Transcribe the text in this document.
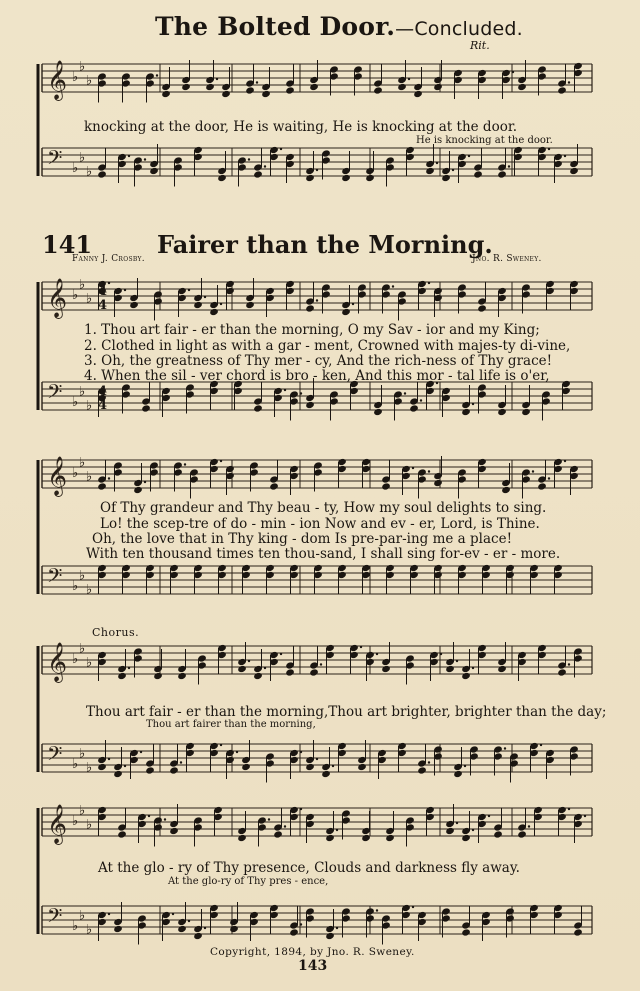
The Bolted Door.—Concluded.
Rit.
𝄞 ♭
♭
♭
𝄢 ♭
♭
♭
𝄞 ♭
♭
♭
𝄢 ♭
♭
♭
𝄞 ♭
♭
♭
𝄢 ♭
♭
♭
𝄞 ♭
♭
♭
𝄢 ♭
♭
♭
𝄞 ♭
♭
♭
𝄢 ♭
♭
♭
4
4
4
4
knocking at the door, He is waiting, He is knocking at the door.
He is knocking at the door.
141	Fairer than the Morning.
Fanny J. Crosby.	Jno. R. Sweney.
1. Thou art fair - er than the morning, O my Sav - ior and my King;
2. Clothed in light as with a gar - ment, Crowned with majes-ty di-vine,
3. Oh, the greatness of Thy mer - cy, And the rich-ness of Thy grace!
4. When the sil - ver chord is bro - ken, And this mor - tal life is o'er,
Of Thy grandeur and Thy beau - ty, How my soul delights to sing.
Lo! the scep-tre of do - min - ion Now and ev - er, Lord, is Thine.
Oh, the love that in Thy king - dom Is pre-par-ing me a place!
With ten thousand times ten thou-sand, I shall sing for-ev - er - more.
Chorus.
Thou art fair - er than the morning,Thou art brighter, brighter than the day;
Thou art fairer than the morning,
At the glo - ry of Thy presence, Clouds and darkness fly away.
At the glo-ry of Thy pres - ence,
Copyright, 1894, by Jno. R. Sweney.
143
